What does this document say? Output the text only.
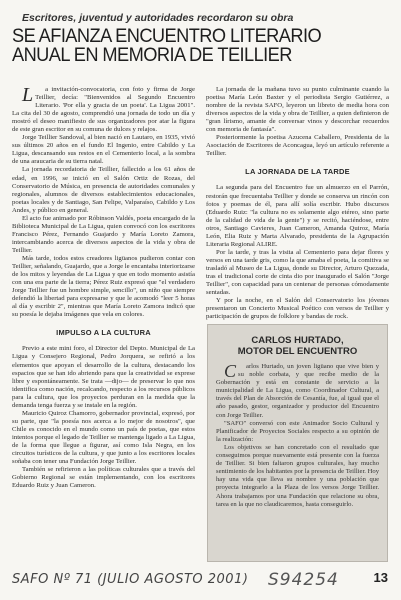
Escritores, juventud y autoridades recordaron su obra
SE AFIANZA ENCUENTRO LITERARIO ANUAL EN MEMORIA DE TEILLIER

L a invitación-convocatoria, con foto y firma de Jorge Teillier, decía: "Bienvenidos al Segundo Encuentro Literario. 'Por ella y gracia de un poeta'. La Ligua 2001". La cita del 30 de agosto, comprendió una jornada de todo un día y mostró el deseo manifiesto de sus organizadores por atar la figura de este gran escritor en su comuna de dulces y relajos.

Jorge Teillier Sandoval, al bien nació en Lautaro, en 1935, vivió sus últimos 20 años en el fundo El Ingenio, entre Cabildo y La Ligua, descansando sus restos en el Cementerio local, a la sombra de una araucaria de su tierra natal.

La jornada recordatoria de Teillier, fallecido a los 61 años de edad, en 1996, se inició en el Salón Ortiz de Rozas, del Conservatorio de Música, en presencia de autoridades comunales y regionales, alumnos de diversos establecimientos educacionales, poetas locales y de Santiago, San Felipe, Valparaíso, Cabildo y Los Andes, y público en general.

El acto fue animado por Róbinson Valdés, poeta encargado de la Biblioteca Municipal de La Ligua, quien convocó con los escritores Francisco Pérez, Fernando Guajardo y María Loreto Zamora, intercambiando acerca de diversos aspectos de la vida y obra de Teillier.

Más tarde, todos estos creadores ligüanos pudieron contar con Teillier, señalando, Guajardo, que a Jorge le encantaba interiorizarse de los mitos y leyendas de La Ligua y que en todo momento asistía con una era parte de la tierra; Pérez Ruiz expresó que "el verdadero Jorge Teillier fue un hombre simple, sencillo", un niño que siempre defendió la libertad para expresarse y que le acomodó "leer 5 horas al día y escribir 2", mientras que María Loreto Zamora indicó que su poesía le dejaba imágenes que vela en colores.

IMPULSO A LA CULTURA

Previo a este mini foro, el Director del Depto. Municipal de La Ligua y Consejero Regional, Pedro Jorquera, se refirió a los elementos que apoyan el desarrollo de la cultura, destacando los espacios que se han ido abriendo para que la creatividad se exprese libre y espontáneamente. Se trata —dijo— de preservar lo que nos identifica como nación, recalcando, respecto a los recursos públicos para la cultura, que los proyectos perduran en la medida que la demanda tenga fuerza y se instale en la región.

Mauricio Quiroz Chamorro, gobernador provincial, expresó, por su parte, que "la poesía nos acerca a lo mejor de nosotros", que Chile es conocido en el mundo como un país de poetas, que estos intentos porque el legado de Teillier se mantenga ligado a La Ligua, de la forma que llegue a figurar, así como Isla Negra, en los circuitos turísticos de la cultura, y que junto a los escritores locales soñaba con tener una Fundación Jorge Teillier.

También se refirieron a las políticas culturales que a través del Gobierno Regional se están implementando, con los escritores Eduardo Ruiz y Juan Cameron.

La jornada de la mañana tuvo su punto culminante cuando la poetisa María León Baxter y el periodista Sergio Gutiérrez, a nombre de la revista SAFO, leyeron un libreto de media hora con diversos aspectos de la vida y obra de Teillier, a quien definieron de "gran lírismo, amante de conversar vinos y descorchar recuerdos con memoria de fantasía".

Posteriormente la poetisa Azucena Caballero, Presidenta de la Asociación de Escritores de Aconcagua, leyó un artículo referente a Teillier.

LA JORNADA DE LA TARDE

La segunda para del Encuentro fue un almuerzo en el Parrón, restorán que frecuentaba Teillier y donde se conserva un rincón con fotos y poemas de él, para allí solía escribir. Hubo discursos (Eduardo Ruiz: "la cultura no es solamente algo etéreo, sino parte de la calidad de vida de la gente") y se recitó, haciéndose, entre otros, Santiago Cavieres, Juan Cameron, Amanda Quiroz, María León, Elia Ruiz y Marta Alvarado, presidenta de la Agrupación Literaria Regional ALIRE.

Por la tarde, y tras la visita al Cementerio para dejar flores y versos en una tarde gris, como la que amaba el poeta, la comitiva se trasladó al Museo de La Ligua, donde su Director, Arturo Quezada, tras el tradicional corte de cinta dio por inaugurado el Salón "Jorge Teillier", con capacidad para un centenar de personas cómodamente sentadas.

Y por la noche, en el Salón del Conservatorio los jóvenes presentaron un Concierto Musical Poético con versos de Teillier y participación de grupos de folklore y bandas de rock.

CARLOS HURTADO,
MOTOR DEL ENCUENTRO

C arlos Hurtado, un joven ligüano que vive bien y su noble corbata, y que recibe medio de la Gobernación y está en constante de servicio a la municipalidad de La Ligua, como Coordinador Cultural, a través del Plan de Absorción de Cesantía, fue, al igual que el año pasado, gestor, organizador y productor del Encuentro con Jorge Teillier.

"SAFO" conversó con este Animador Socio Cultural y Planificador de Proyectos Sociales respecto a su opinión de la realización:

Los objetivos se han concretado con el resultado que conseguimos porque nuevamente está presente con la fuerza de Teillier. Si bien faltaron grupos culturales, hay mucho sentimiento de los habitantes por la presencia de Teillier. Hoy hay una vida que lleva su nombre y una población que proyecta integrarlo a la Plaza de los versos Jorge Teillier. Ahora trabajamos por una Fundación que relacione su obra, tarea en la que no claudicaremos, hasta conseguirlo.

SAFO Nº 71 (JULIO AGOSTO 2001) S94254	13
